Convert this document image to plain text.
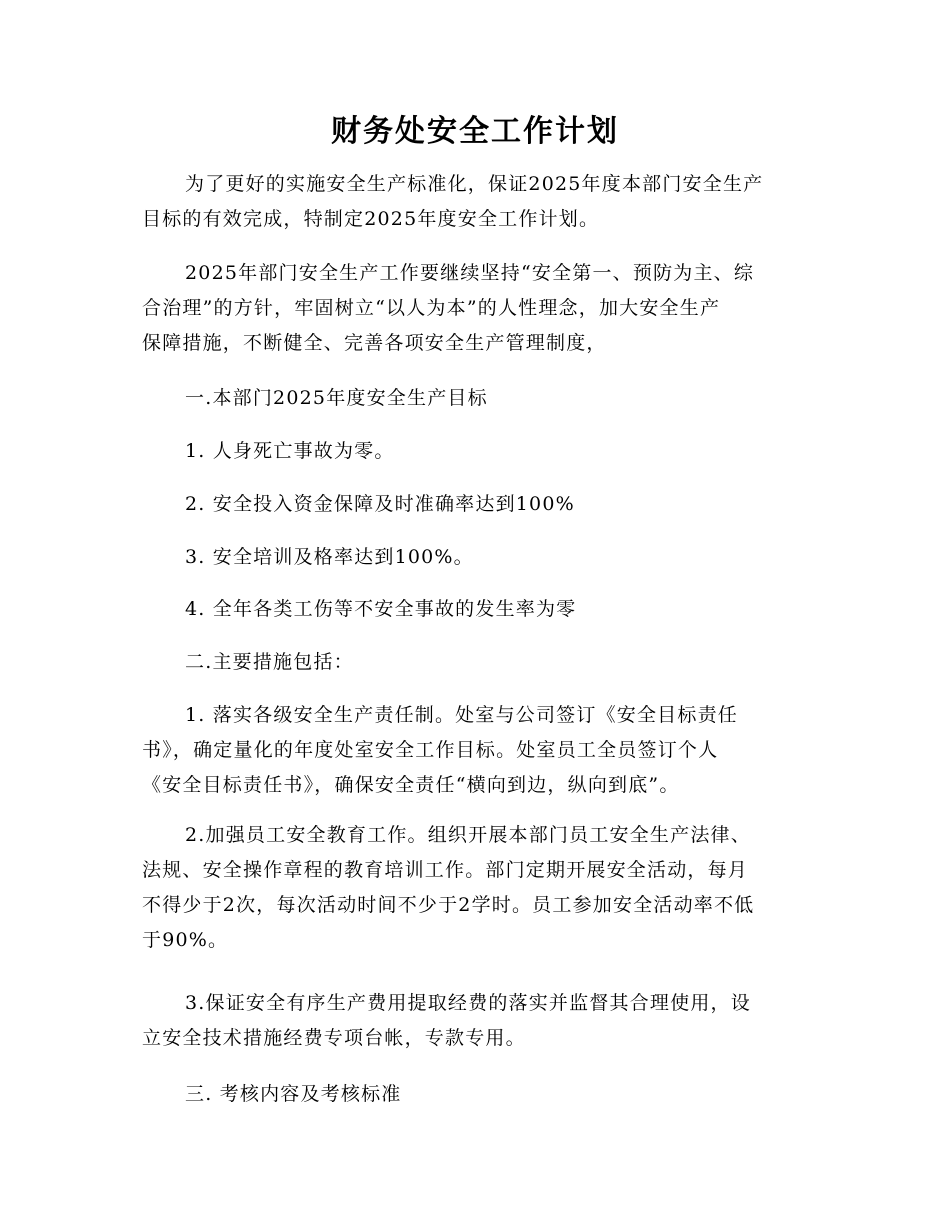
财务处安全工作计划

为了更好的实施安全生产标准化，保证2025年度本部门安全生产
目标的有效完成，特制定2025年度安全工作计划。

2025年部门安全生产工作要继续坚持“安全第一、预防为主、综
合治理”的方针，牢固树立“以人为本”的人性理念，加大安全生产
保障措施，不断健全、完善各项安全生产管理制度，

一.本部门2025年度安全生产目标

1. 人身死亡事故为零。

2. 安全投入资金保障及时准确率达到100%

3. 安全培训及格率达到100%。

4. 全年各类工伤等不安全事故的发生率为零

二.主要措施包括：

1. 落实各级安全生产责任制。处室与公司签订《安全目标责任
书》，确定量化的年度处室安全工作目标。处室员工全员签订个人
《安全目标责任书》，确保安全责任“横向到边，纵向到底”。

2.加强员工安全教育工作。组织开展本部门员工安全生产法律、
法规、安全操作章程的教育培训工作。部门定期开展安全活动，每月
不得少于2次，每次活动时间不少于2学时。员工参加安全活动率不低
于90%。

3.保证安全有序生产费用提取经费的落实并监督其合理使用，设
立安全技术措施经费专项台帐，专款专用。

三. 考核内容及考核标准
